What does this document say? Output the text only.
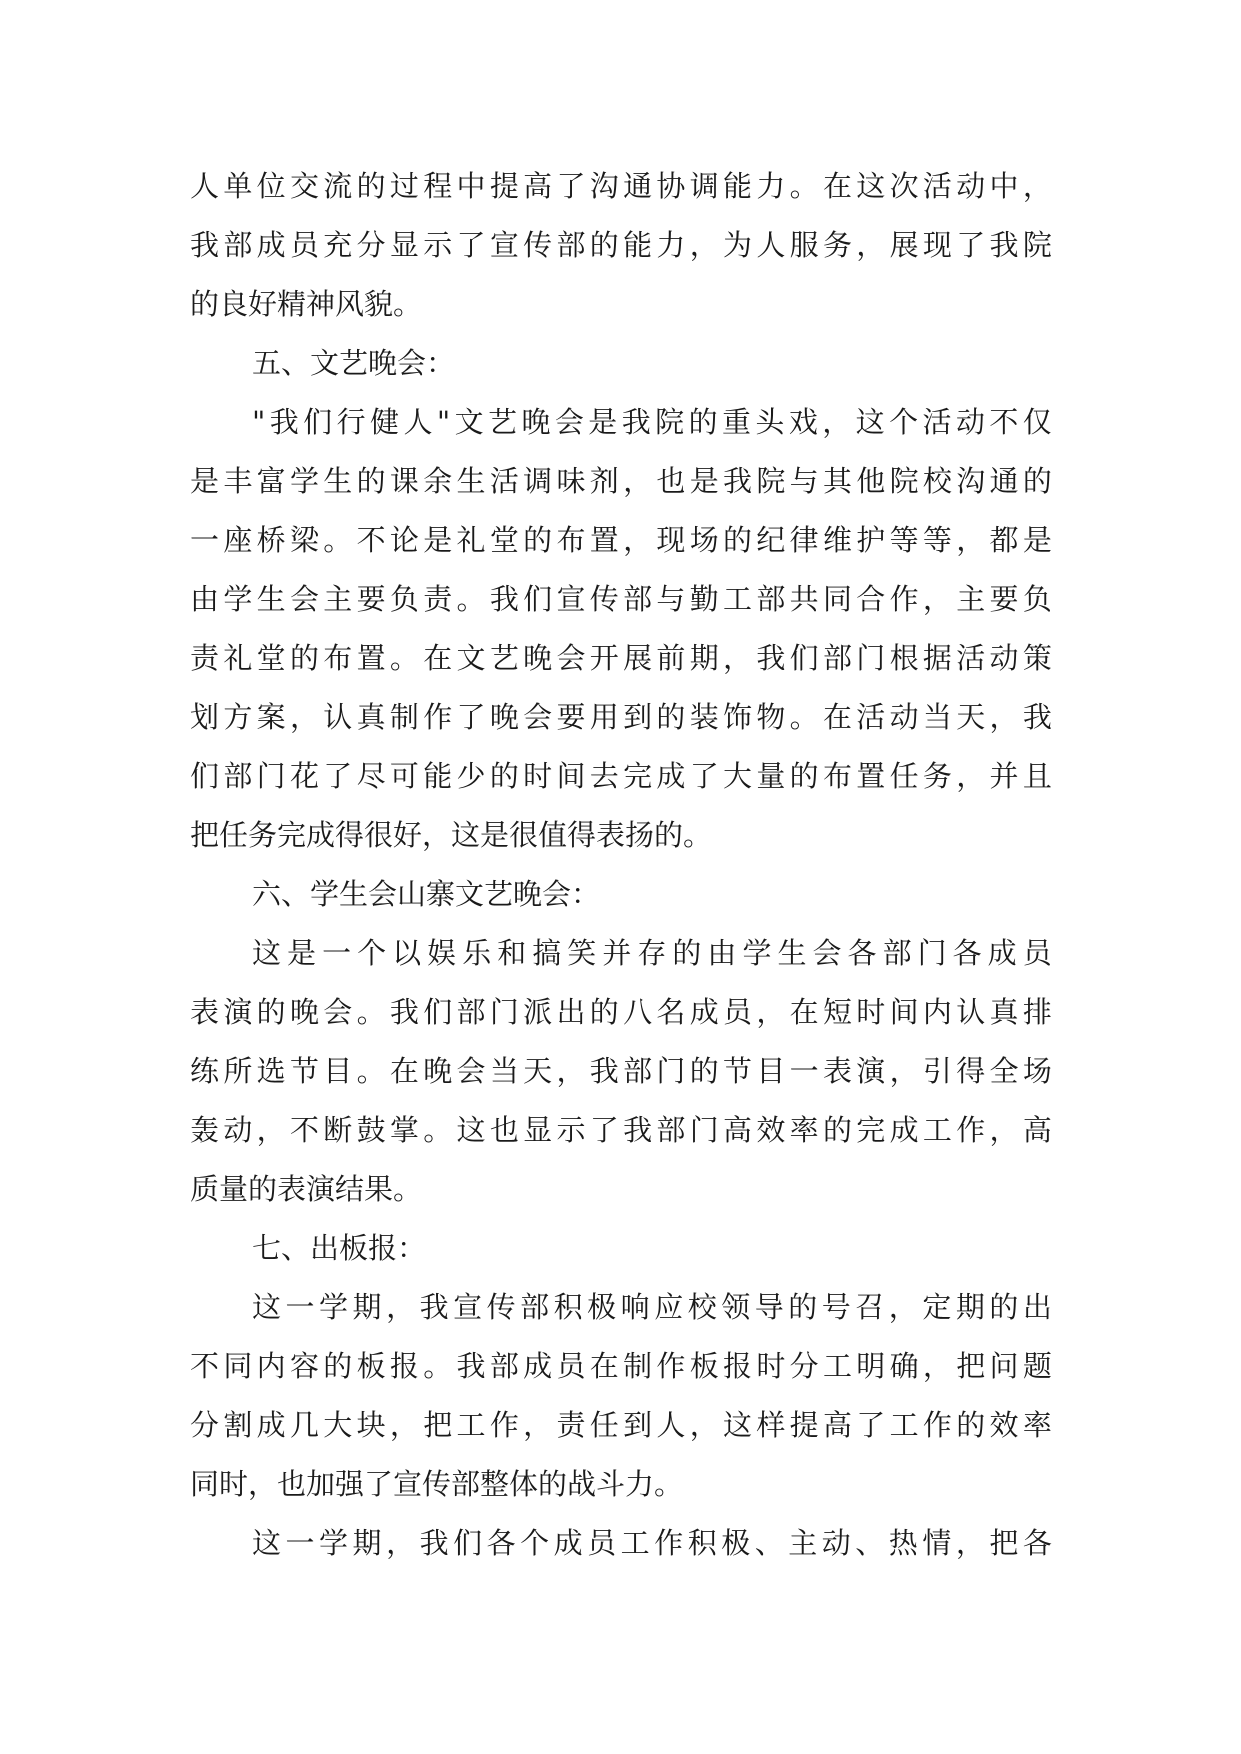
人 单 位 交 流 的 过 程 中 提 高 了 沟 通 协 调 能 力 。 在 这 次 活 动 中 ，
我 部 成 员 充 分 显 示 了 宣 传 部 的 能 力 ， 为 人 服 务 ， 展 现 了 我 院
的良好精神风貌。
五、文艺晚会：
" 我 们 行 健 人 " 文 艺 晚 会 是 我 院 的 重 头 戏 ， 这 个 活 动 不 仅
是 丰 富 学 生 的 课 余 生 活 调 味 剂 ， 也 是 我 院 与 其 他 院 校 沟 通 的
一 座 桥 梁 。 不 论 是 礼 堂 的 布 置 ， 现 场 的 纪 律 维 护 等 等 ， 都 是
由 学 生 会 主 要 负 责 。 我 们 宣 传 部 与 勤 工 部 共 同 合 作 ， 主 要 负
责 礼 堂 的 布 置 。 在 文 艺 晚 会 开 展 前 期 ， 我 们 部 门 根 据 活 动 策
划 方 案 ， 认 真 制 作 了 晚 会 要 用 到 的 装 饰 物 。 在 活 动 当 天 ， 我
们 部 门 花 了 尽 可 能 少 的 时 间 去 完 成 了 大 量 的 布 置 任 务 ， 并 且
把任务完成得很好，这是很值得表扬的。
六、学生会山寨文艺晚会：
这 是 一 个 以 娱 乐 和 搞 笑 并 存 的 由 学 生 会 各 部 门 各 成 员
表 演 的 晚 会 。 我 们 部 门 派 出 的 八 名 成 员 ， 在 短 时 间 内 认 真 排
练 所 选 节 目 。 在 晚 会 当 天 ， 我 部 门 的 节 目 一 表 演 ， 引 得 全 场
轰 动 ， 不 断 鼓 掌 。 这 也 显 示 了 我 部 门 高 效 率 的 完 成 工 作 ， 高
质量的表演结果。
七、出板报：
这 一 学 期 ， 我 宣 传 部 积 极 响 应 校 领 导 的 号 召 ， 定 期 的 出
不 同 内 容 的 板 报 。 我 部 成 员 在 制 作 板 报 时 分 工 明 确 ， 把 问 题
分 割 成 几 大 块 ， 把 工 作 ， 责 任 到 人 ， 这 样 提 高 了 工 作 的 效 率
同时，也加强了宣传部整体的战斗力。
这 一 学 期 ， 我 们 各 个 成 员 工 作 积 极 、 主 动 、 热 情 ， 把 各
